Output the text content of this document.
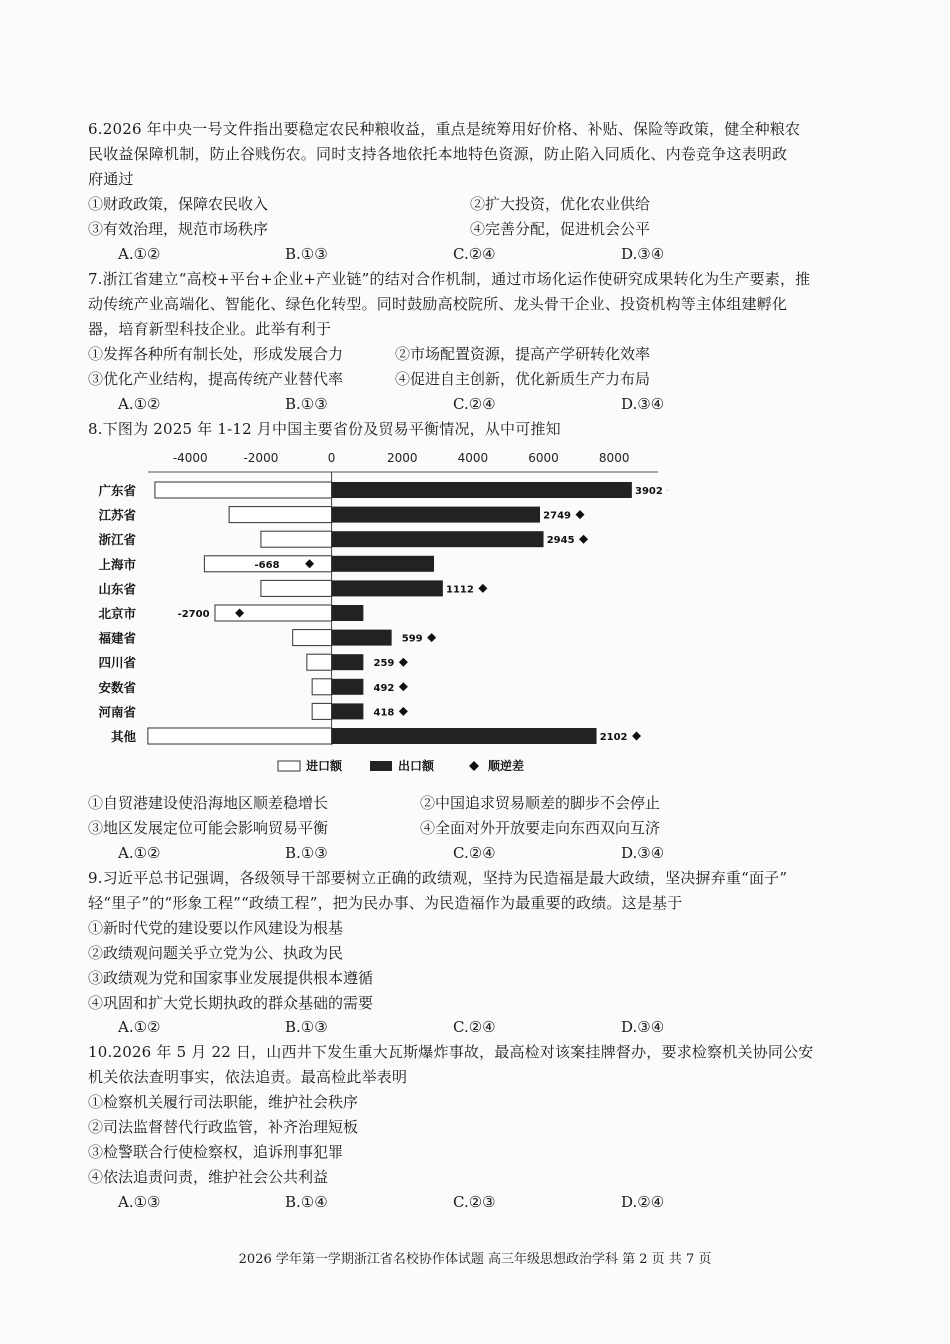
6.2026 年中央一号文件指出要稳定农民种粮收益，重点是统筹用好价格、补贴、保险等政策，健全种粮农
民收益保障机制，防止谷贱伤农。同时支持各地依托本地特色资源，防止陷入同质化、内卷竞争这表明政
府通过
①财政政策，保障农民收入	②扩大投资，优化农业供给
③有效治理，规范市场秩序	④完善分配，促进机会公平
A.①②	B.①③	C.②④	D.③④
7.浙江省建立“高校+平台+企业+产业链”的结对合作机制，通过市场化运作使研究成果转化为生产要素，推
动传统产业高端化、智能化、绿色化转型。同时鼓励高校院所、龙头骨干企业、投资机构等主体组建孵化
器，培育新型科技企业。此举有利于
①发挥各种所有制长处，形成发展合力	②市场配置资源，提高产学研转化效率
③优化产业结构，提高传统产业替代率	④促进自主创新，优化新质生产力布局
A.①②	B.①③	C.②④	D.③④
8.下图为 2025 年 1-12 月中国主要省份及贸易平衡情况，从中可推知
-4000	-2000	0	2000	4000	6000	8000
广东省	3902
江苏省	2749
浙江省	2945
上海市	-668
山东省	1112
北京市	-2700
福建省	599
四川省	259
安数省	492
河南省	418
其他	2102
进口额	出口额	顺逆差
①自贸港建设使沿海地区顺差稳增长	②中国追求贸易顺差的脚步不会停止
③地区发展定位可能会影响贸易平衡	④全面对外开放要走向东西双向互济
A.①②	B.①③	C.②④	D.③④
9.习近平总书记强调，各级领导干部要树立正确的政绩观，坚持为民造福是最大政绩，坚决摒弃重“面子”
轻“里子”的“形象工程”“政绩工程”，把为民办事、为民造福作为最重要的政绩。这是基于
①新时代党的建设要以作风建设为根基
②政绩观问题关乎立党为公、执政为民
③政绩观为党和国家事业发展提供根本遵循
④巩固和扩大党长期执政的群众基础的需要
A.①②	B.①③	C.②④	D.③④
10.2026 年 5 月 22 日，山西井下发生重大瓦斯爆炸事故，最高检对该案挂牌督办，要求检察机关协同公安
机关依法查明事实，依法追责。最高检此举表明
①检察机关履行司法职能，维护社会秩序
②司法监督替代行政监管，补齐治理短板
③检警联合行使检察权，追诉刑事犯罪
④依法追责问责，维护社会公共利益
A.①③	B.①④	C.②③	D.②④
2026 学年第一学期浙江省名校协作体试题 高三年级思想政治学科 第 2 页 共 7 页
